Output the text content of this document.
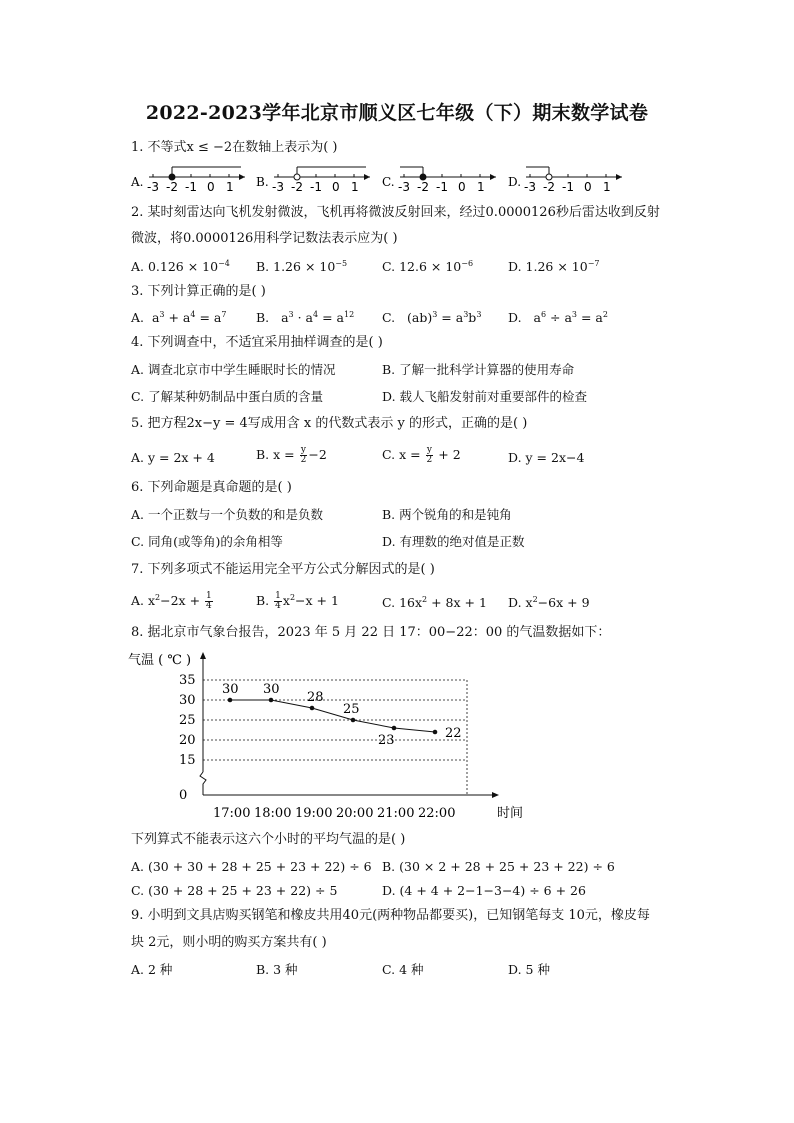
2022-2023学年北京市顺义区七年级（下）期末数学试卷
1. 不等式x ≤ −2在数轴上表示为( )
A. -3 -2 -1 0 1 B. -3 -2 -1 0 1 C. -3 -2 -1 0 1 D. -3 -2 -1 0 1
2. 某时刻雷达向飞机发射微波，飞机再将微波反射回来，经过0.0000126秒后雷达收到反射
微波，将0.0000126用科学记数法表示应为( )
A. $0.126 \times 10^{-4}$ B. $1.26 \times 10^{-5}$	C. $12.6 \times 10^{-6}$	D. $1.26 \times 10^{-7}$
3. 下列计算正确的是( )
A. $a^3 + a^4 = a^7$ B. $a^3 \cdot a^4 = a^{12}$ C. $(ab)^3 = a^3b^3$ D. $a^6 \div a^3 = a^2$
4. 下列调查中，不适宜采用抽样调查的是( )
A. 调查北京市中学生睡眠时长的情况	B. 了解一批科学计算器的使用寿命
C. 了解某种奶制品中蛋白质的含量	D. 载人飞船发射前对重要部件的检查
5. 把方程2x−y = 4写成用含 x 的代数式表示 y 的形式，正确的是( )
A. y = 2x + 4	B. $x = \frac{y}{2} -2$	C. $x = \frac{y}{2} + 2$	D. y = 2x−4
6. 下列命题是真命题的是( )
A. 一个正数与一个负数的和是负数	B. 两个锐角的和是钝角
C. 同角(或等角)的余角相等	D. 有理数的绝对值是正数
7. 下列多项式不能运用完全平方公式分解因式的是( )
A. $x^2-2x + \frac{1}{4}$	B. $\frac{1}{4} x^2-x + 1$	C. $16x^2 + 8x + 1$ D. $x^2-6x + 9$
8. 据北京市气象台报告，2023 年 5 月 22 日 17：00−22：00 的气温数据如下：
气温 ( ℃ )
时间
0
15
20
25
30
35
17:00 18:00 19:00 20:00 21:00 22:00
30 30
28
25
23	22
下列算式不能表示这六个小时的平均气温的是( )
A. (30 + 30 + 28 + 25 + 23 + 22) ÷ 6 B. (30 × 2 + 28 + 25 + 23 + 22) ÷ 6
C. (30 + 28 + 25 + 23 + 22) ÷ 5	D. (4 + 4 + 2−1−3−4) ÷ 6 + 26
9. 小明到文具店购买钢笔和橡皮共用40元(两种物品都要买)，已知钢笔每支 10元，橡皮每
块 2元，则小明的购买方案共有( )
A. 2 种	B. 3 种	C. 4 种	D. 5 种
